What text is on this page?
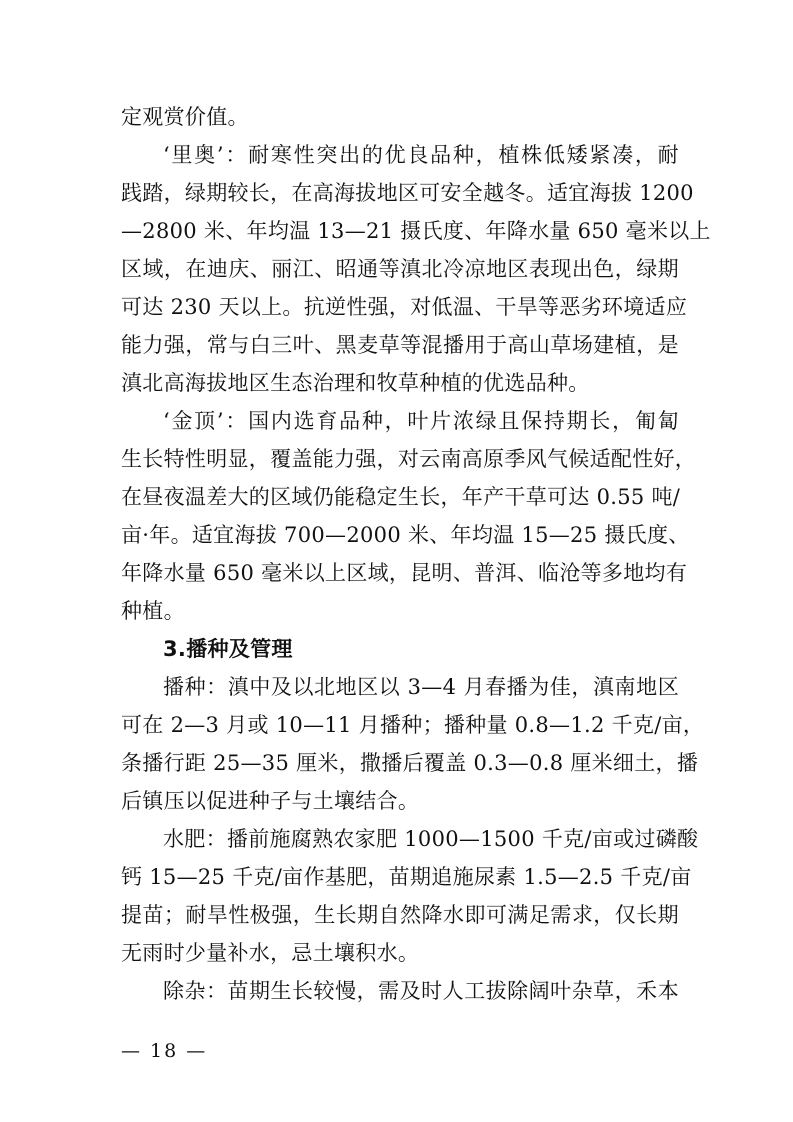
定观赏价值。
‘里奥’：耐寒性突出的优良品种，植株低矮紧凑，耐
践踏，绿期较长，在高海拔地区可安全越冬。适宜海拔 1200
—2800 米、年均温 13—21 摄氏度、年降水量 650 毫米以上
区域，在迪庆、丽江、昭通等滇北冷凉地区表现出色，绿期
可达 230 天以上。抗逆性强，对低温、干旱等恶劣环境适应
能力强，常与白三叶、黑麦草等混播用于高山草场建植，是
滇北高海拔地区生态治理和牧草种植的优选品种。
‘金顶’：国内选育品种，叶片浓绿且保持期长，匍匐
生长特性明显，覆盖能力强，对云南高原季风气候适配性好，
在昼夜温差大的区域仍能稳定生长，年产干草可达 0.55 吨/
亩·年。适宜海拔 700—2000 米、年均温 15—25 摄氏度、
年降水量 650 毫米以上区域，昆明、普洱、临沧等多地均有
种植。
3.播种及管理
播种：滇中及以北地区以 3—4 月春播为佳，滇南地区
可在 2—3 月或 10—11 月播种；播种量 0.8—1.2 千克/亩，
条播行距 25—35 厘米，撒播后覆盖 0.3—0.8 厘米细土，播
后镇压以促进种子与土壤结合。
水肥：播前施腐熟农家肥 1000—1500 千克/亩或过磷酸
钙 15—25 千克/亩作基肥，苗期追施尿素 1.5—2.5 千克/亩
提苗；耐旱性极强，生长期自然降水即可满足需求，仅长期
无雨时少量补水，忌土壤积水。
除杂：苗期生长较慢，需及时人工拔除阔叶杂草，禾本
— 18 —
